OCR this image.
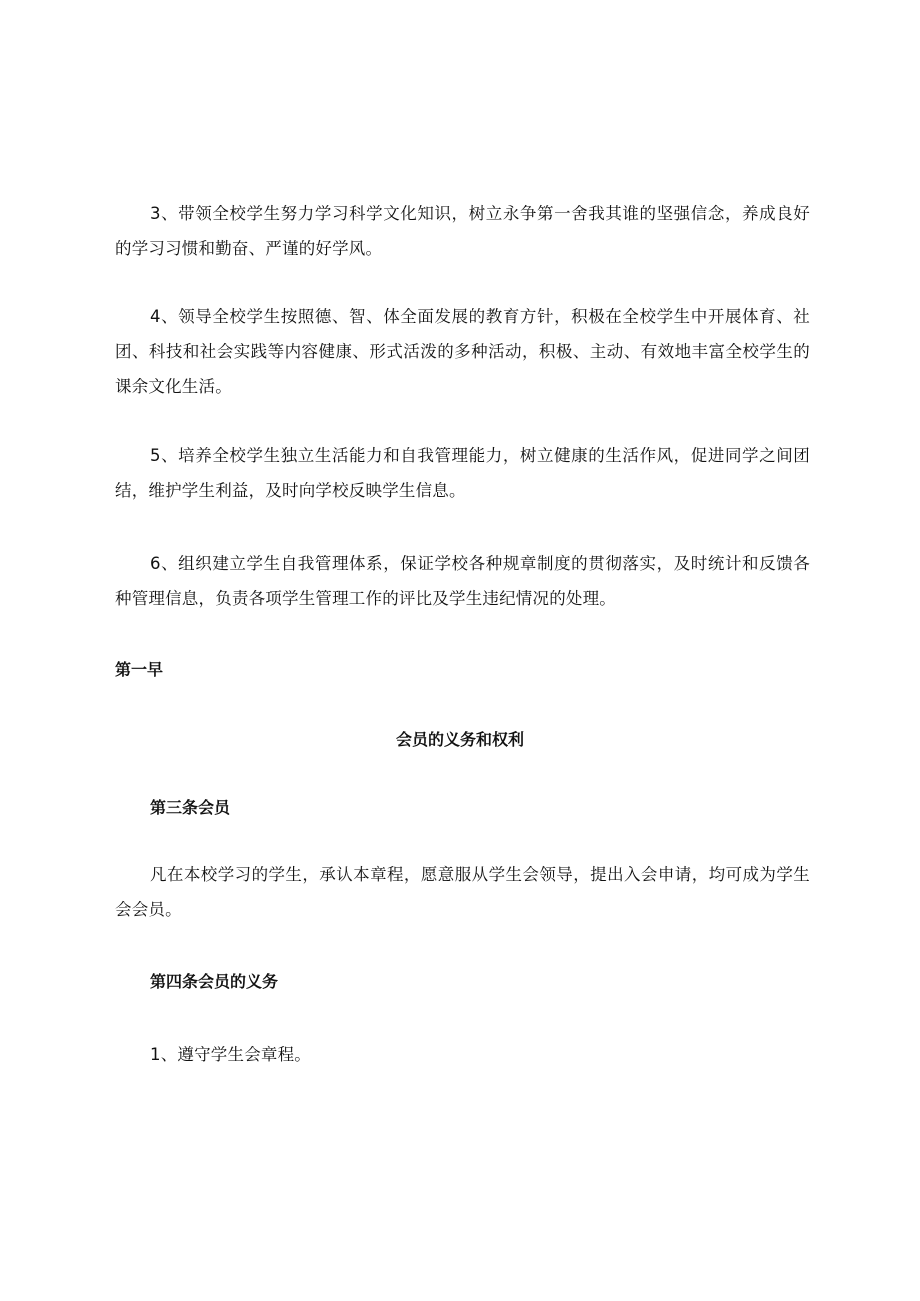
3、带领全校学生努力学习科学文化知识，树立永争第一舍我其谁的坚强信念，养成良好的学习习惯和勤奋、严谨的好学风。

4、领导全校学生按照德、智、体全面发展的教育方针，积极在全校学生中开展体育、社团、科技和社会实践等内容健康、形式活泼的多种活动，积极、主动、有效地丰富全校学生的课余文化生活。

5、培养全校学生独立生活能力和自我管理能力，树立健康的生活作风，促进同学之间团结，维护学生利益，及时向学校反映学生信息。

6、组织建立学生自我管理体系，保证学校各种规章制度的贯彻落实，及时统计和反馈各种管理信息，负责各项学生管理工作的评比及学生违纪情况的处理。

第一早
会员的义务和权利
第三条会员

凡在本校学习的学生，承认本章程，愿意服从学生会领导，提出入会申请，均可成为学生会会员。

第四条会员的义务

1、遵守学生会章程。
